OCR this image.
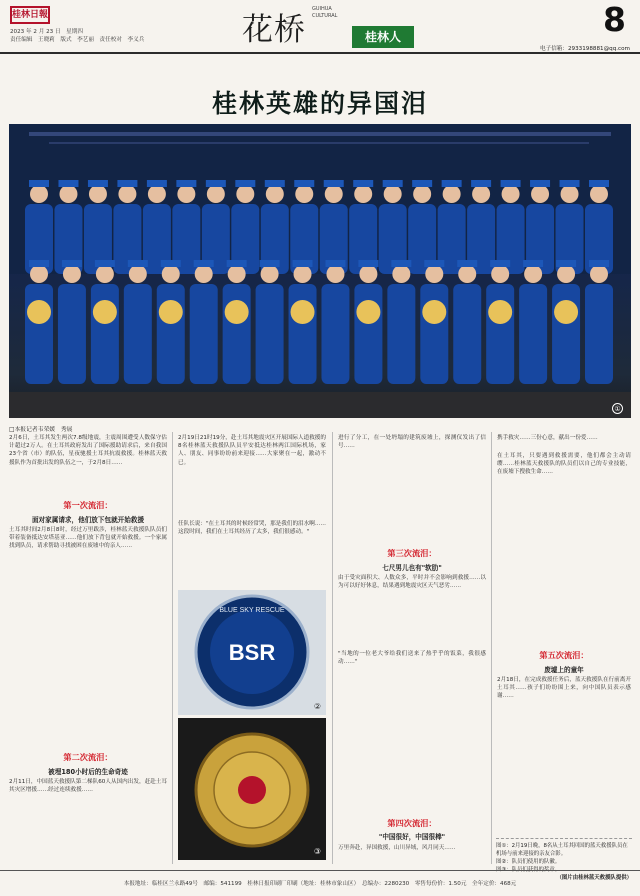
桂林日報
2023 年 2 月 23 日　星期四
责任编辑　王晓莉　版式　李艺丽　责任校对　李义兵	花桥
GUIHUA CULTURAL
桂林人	8
电子信箱：2933198881@qq.com
桂林英雄的异国泪
①
□本报记者韦荣媛　秀展
2月6日，土耳其发生两次7.8级地震，主震周围遭受人数保守估计超过2万人。在土耳其政府发出了国际援助请求后，来自我国23个省（市）的队伍，星夜驰援土耳其抗震救援。桂林蓝天救援队作为首批出发的队伍之一，于2月8日……
第一次流泪：
面对家属请求，他们放下包就开始救援
土耳其时间2月8日8时，经过万里跋涉，桂林蓝天救援队队员们带着装备抵达安塔基亚……他们放下背包就开始救援。一个家属找到队员，请求帮助寻找被困在废墟中的亲人……
第二次流泪：
被埋180小时后的生命奇迹
2月11日，中国蓝天救援队第二梯队60人从国内出发，赶赴土耳其灾区增援……经过连续救援……
2月19日21时19分，赴土耳其地震灾区开展国际人道救援的8名桂林蓝天救援队队员平安抵达桂林两江国际机场，家人、朋友、同事纷纷前来迎接……大家聚在一起，激动不已。
任队长说："在土耳其的时候经常哭，那是我们的泪水啊……这段时间，我们在土耳其经历了太多，我们很感动。"
BLUE SKY RESCUE
BSR
②
③
进行了分工，在一处坍塌的建筑废墟上，探测仪发出了信号……
第三次流泪：
七尺男儿也有"软肋"
由于受灾面积大、人数众多，平时并不会影响到救援……以为可以好好休息，结果遇到地震灾区天气恶劣……
"当地的一位老大爷给我们送来了热乎乎的饭菜，我很感动……"
第四次流泪：
"中国很好，中国很棒"
万里奔赴，异国救援，山川异域，风月同天……
携手救灾……三份心意，献出一份爱……
在土耳其，只要遇到救援需要，他们都会主动请缨……桂林蓝天救援队的队员们以自己的专业技能，在废墟下搜救生命……
第五次流泪：
废墟上的童年
2月18日，在完成救援任务后，蓝天救援队在行前离开土耳其……孩子们纷纷围上来，向中国队员表示感谢……
图①：2月19日晚，8名从土耳其回国的蓝天救援队员在机场与前来迎接的亲友合影。
图②：队员们使用的队徽。
图③：队员们获得的奖章。
（图片由桂林蓝天救援队提供）
本报地址：临桂区兰永路49号　邮编：541199　桂林日报印刷厂印刷（地址：桂林市象山区）　总编办：2280230　零售每份价：1.50元　全年定价：468元
